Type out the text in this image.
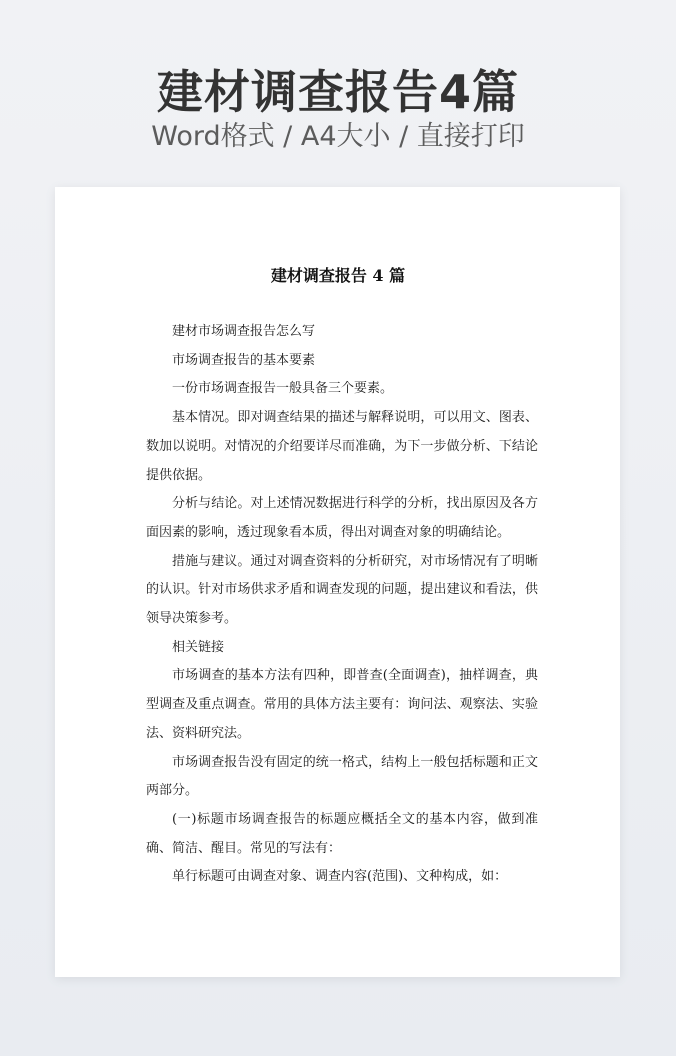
建材调查报告4篇
Word格式 / A4大小 / 直接打印
建材调查报告 4 篇

建材市场调查报告怎么写

市场调查报告的基本要素

一份市场调查报告一般具备三个要素。

基本情况。即对调查结果的描述与解释说明，可以用文、图表、数加以说明。对情况的介绍要详尽而准确，为下一步做分析、下结论提供依据。

分析与结论。对上述情况数据进行科学的分析，找出原因及各方面因素的影响，透过现象看本质，得出对调查对象的明确结论。

措施与建议。通过对调查资料的分析研究，对市场情况有了明晰的认识。针对市场供求矛盾和调查发现的问题，提出建议和看法，供领导决策参考。

相关链接

市场调查的基本方法有四种，即普查(全面调查)，抽样调查，典型调查及重点调查。常用的具体方法主要有：询问法、观察法、实验法、资料研究法。

市场调查报告没有固定的统一格式，结构上一般包括标题和正文两部分。

(一)标题市场调查报告的标题应概括全文的基本内容，做到准确、简洁、醒目。常见的写法有：

单行标题可由调查对象、调查内容(范围)、文种构成，如：
